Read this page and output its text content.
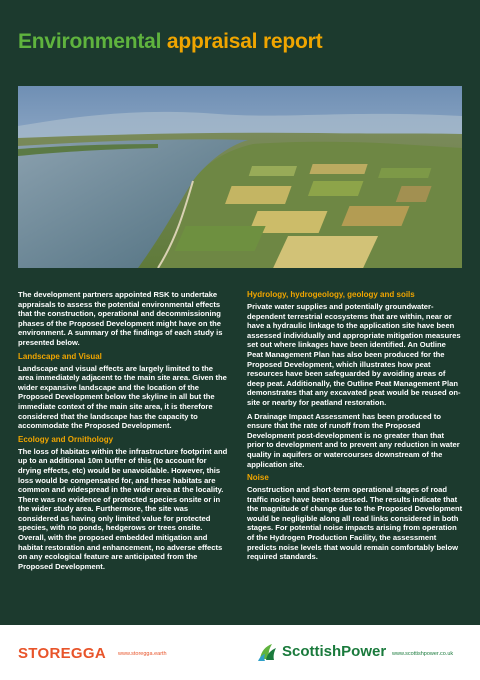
Environmental appraisal report

The development partners appointed RSK to undertake appraisals to assess the potential environmental effects that the construction, operational and decommissioning phases of the Proposed Development might have on the environment. A summary of the findings of each study is presented below.

Landscape and Visual

Landscape and visual effects are largely limited to the area immediately adjacent to the main site area. Given the wider expansive landscape and the location of the Proposed Development below the skyline in all but the immediate context of the main site area, it is therefore considered that the landscape has the capacity to accommodate the Proposed Development.

Ecology and Ornithology

The loss of habitats within the infrastructure footprint and up to an additional 10m buffer of this (to account for drying effects, etc) would be unavoidable. However, this loss would be compensated for, and these habitats are common and widespread in the wider area at the locality. There was no evidence of protected species onsite or in the wider study area. Furthermore, the site was considered as having only limited value for protected species, with no ponds, hedgerows or trees onsite. Overall, with the proposed embedded mitigation and habitat restoration and enhancement, no adverse effects on any ecological feature are anticipated from the Proposed Development.

Hydrology, hydrogeology, geology and soils

Private water supplies and potentially groundwater-dependent terrestrial ecosystems that are within, near or have a hydraulic linkage to the application site have been assessed individually and appropriate mitigation measures set out where linkages have been identified. An Outline Peat Management Plan has also been produced for the Proposed Development, which illustrates how peat resources have been safeguarded by avoiding areas of deep peat. Additionally, the Outline Peat Management Plan demonstrates that any excavated peat would be reused on-site or nearby for peatland restoration.

A Drainage Impact Assessment has been produced to ensure that the rate of runoff from the Proposed Development post-development is no greater than that prior to development and to prevent any reduction in water quality in aquifers or watercourses downstream of the application site.

Noise

Construction and short-term operational stages of road traffic noise have been assessed. The results indicate that the magnitude of change due to the Proposed Development would be negligible along all road links considered in both stages. For potential noise impacts arising from operation of the Hydrogen Production Facility, the assessment predicts noise levels that would remain comfortably below required standards.

STOREGGA www.storegga.earth	ScottishPower www.scottishpower.co.uk
